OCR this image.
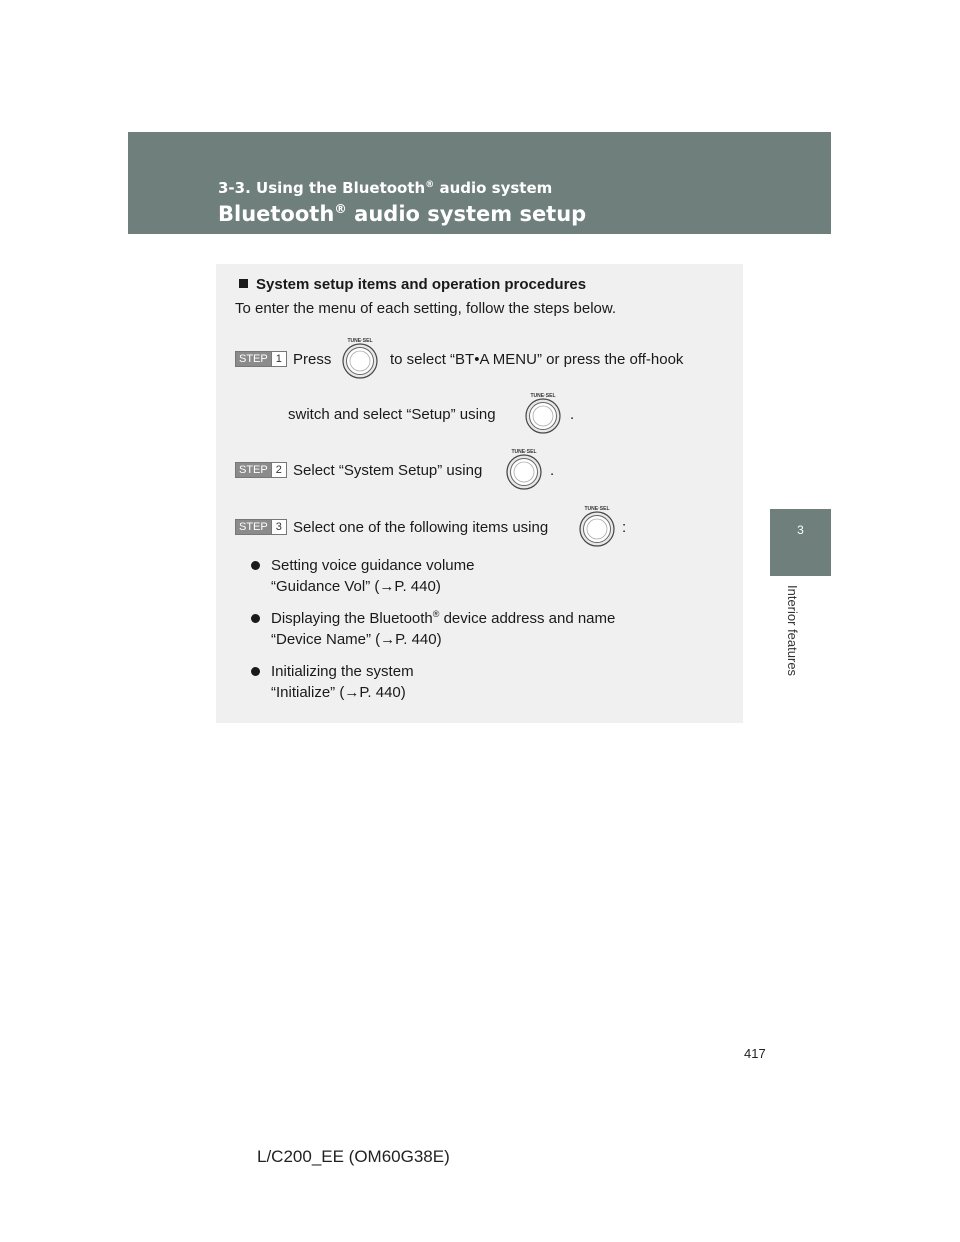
3-3. Using the Bluetooth® audio system
Bluetooth® audio system setup
3
Interior features
System setup items and operation procedures
To enter the menu of each setting, follow the steps below.
STEP 1 Press
TUNE·SEL
to select “BT•A MENU” or press the off-hook
switch and select “Setup” using
TUNE·SEL
.
STEP 2 Select “System Setup” using
TUNE·SEL
.
STEP 3 Select one of the following items using
TUNE·SEL
:
Setting voice guidance volume
“Guidance Vol” (→P. 440)
Displaying the Bluetooth® device address and name
“Device Name” (→P. 440)
Initializing the system
“Initialize” (→P. 440)
417
L/C200_EE (OM60G38E)
